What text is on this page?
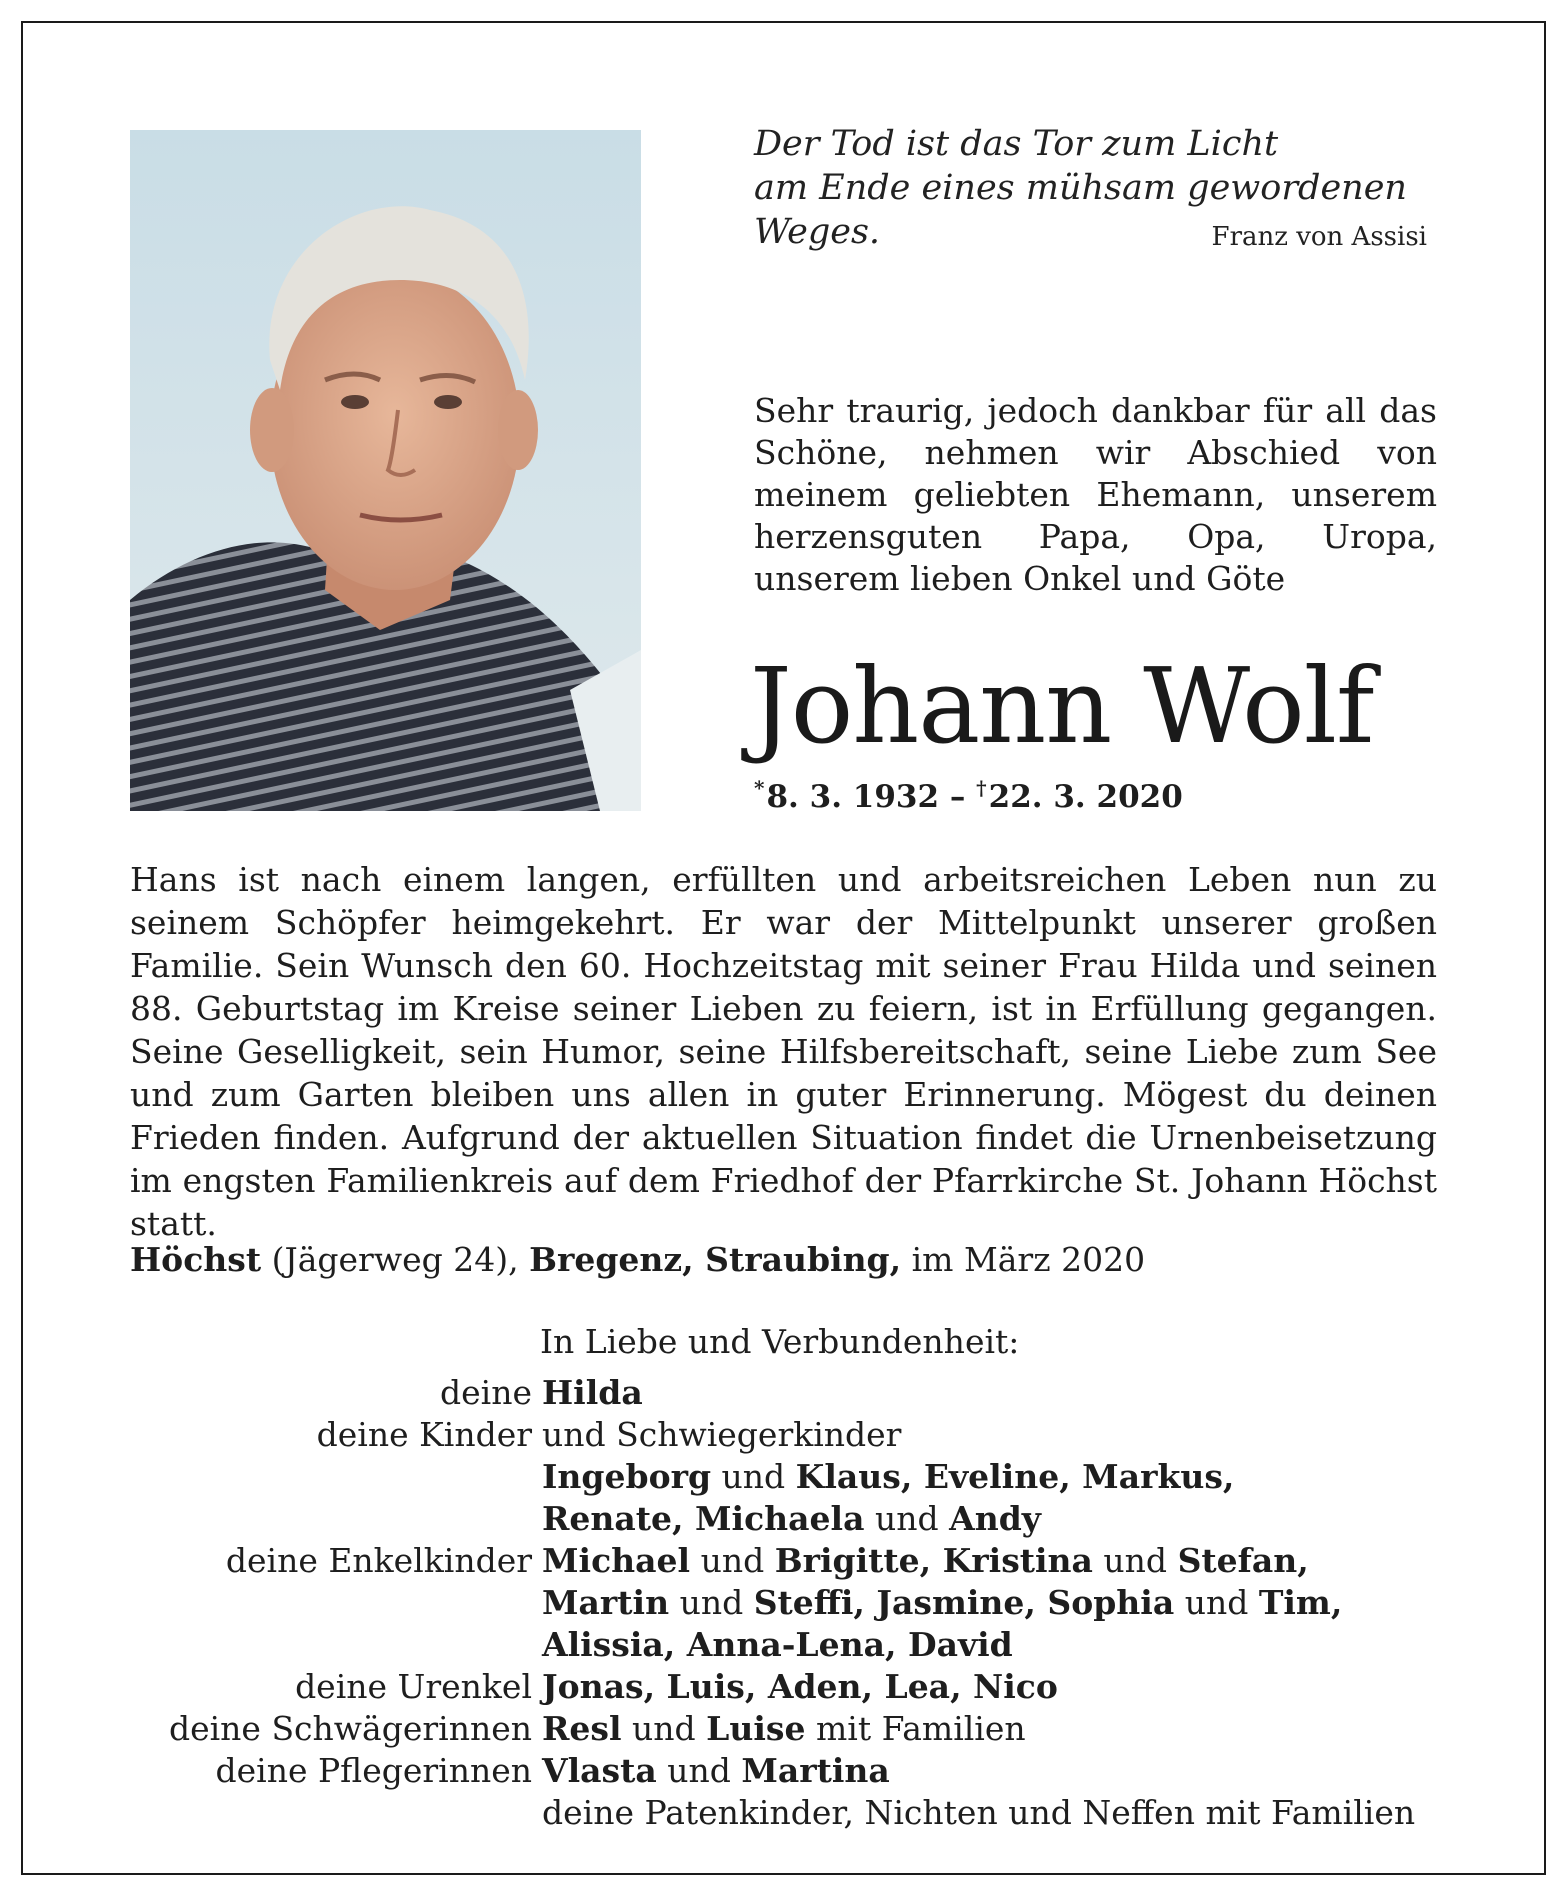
Der Tod ist das Tor zum Licht
am Ende eines mühsam gewordenen Weges.	Franz von Assisi
Sehr traurig, jedoch dankbar für all das Schöne, nehmen wir Abschied von meinem geliebten Ehemann, unserem herzensguten Papa, Opa, Uropa, unserem lieben Onkel und Göte
Johann Wolf
*8. 3. 1932 – †22. 3. 2020
Hans ist nach einem langen, erfüllten und arbeitsreichen Leben nun zu seinem Schöpfer heimgekehrt. Er war der Mittelpunkt unserer großen Familie. Sein Wunsch den 60. Hochzeitstag mit seiner Frau Hilda und seinen 88. Geburtstag im Kreise seiner Lieben zu feiern, ist in Erfüllung gegangen. Seine Geselligkeit, sein Humor, seine Hilfsbereitschaft, seine Liebe zum See und zum Garten bleiben uns allen in guter Erinnerung. Mögest du deinen Frieden finden. Aufgrund der aktuellen Situation findet die Urnenbeisetzung im engsten Familienkreis auf dem Friedhof der Pfarrkirche St. Johann Höchst statt.
Höchst (Jägerweg 24), Bregenz, Straubing, im März 2020
In Liebe und Verbundenheit:
deine	Hilda
deine Kinder	und Schwiegerkinder
	Ingeborg und Klaus, Eveline, Markus,
	Renate, Michaela und Andy
deine Enkelkinder	Michael und Brigitte, Kristina und Stefan,
	Martin und Steffi, Jasmine, Sophia und Tim,
	Alissia, Anna-Lena, David
deine Urenkel	Jonas, Luis, Aden, Lea, Nico
deine Schwägerinnen	Resl und Luise mit Familien
deine Pflegerinnen	Vlasta und Martina
	deine Patenkinder, Nichten und Neffen mit Familien
